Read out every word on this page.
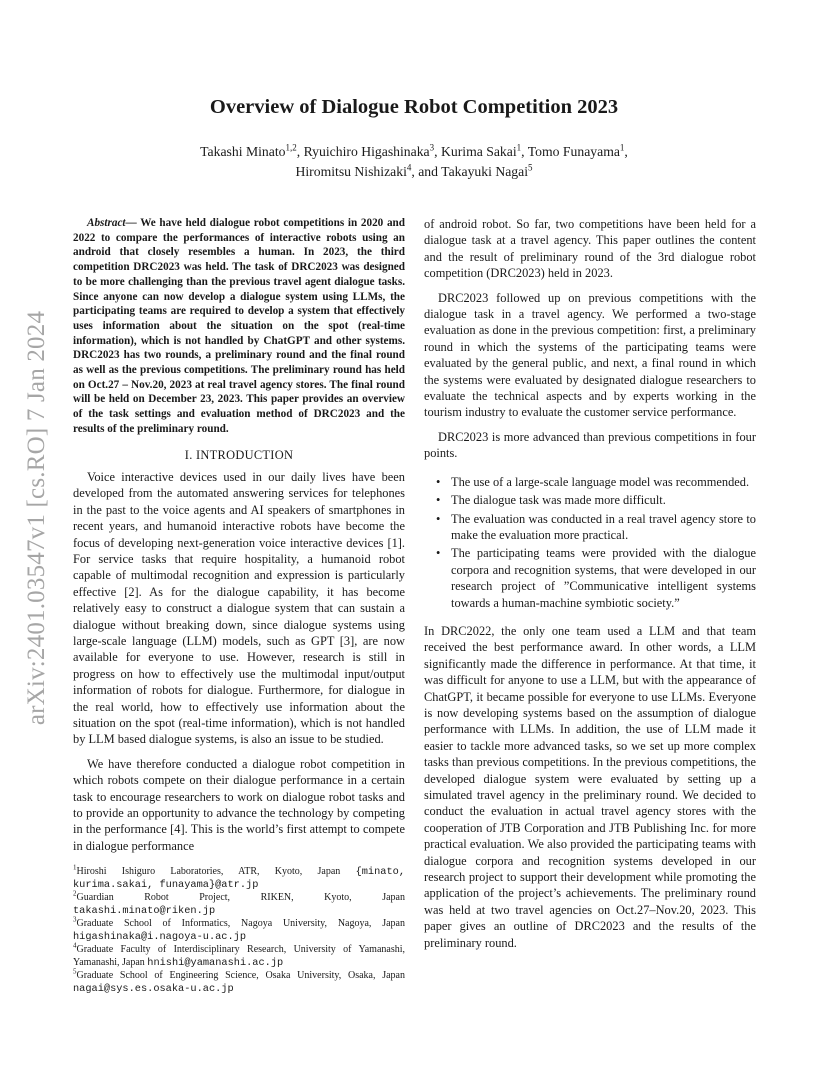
arXiv:2401.03547v1 [cs.RO] 7 Jan 2024
Overview of Dialogue Robot Competition 2023
Takashi Minato$^{1,2}$, Ryuichiro Higashinaka$^3$, Kurima Sakai$^1$, Tomo Funayama$^1$,
Hiromitsu Nishizaki$^4$, and Takayuki Nagai$^5$

Abstract— We have held dialogue robot competitions in 2020 and 2022 to compare the performances of interactive robots using an android that closely resembles a human. In 2023, the third competition DRC2023 was held. The task of DRC2023 was designed to be more challenging than the previous travel agent dialogue tasks. Since anyone can now develop a dialogue system using LLMs, the participating teams are required to develop a system that effectively uses information about the situation on the spot (real-time information), which is not handled by ChatGPT and other systems. DRC2023 has two rounds, a preliminary round and the final round as well as the previous competitions. The preliminary round has held on Oct.27 – Nov.20, 2023 at real travel agency stores. The final round will be held on December 23, 2023. This paper provides an overview of the task settings and evaluation method of DRC2023 and the results of the preliminary round.

I. INTRODUCTION

Voice interactive devices used in our daily lives have been developed from the automated answering services for telephones in the past to the voice agents and AI speakers of smartphones in recent years, and humanoid interactive robots have become the focus of developing next-generation voice interactive devices [1]. For service tasks that require hospitality, a humanoid robot capable of multimodal recognition and expression is particularly effective [2]. As for the dialogue capability, it has become relatively easy to construct a dialogue system that can sustain a dialogue without breaking down, since dialogue systems using large-scale language (LLM) models, such as GPT [3], are now available for everyone to use. However, research is still in progress on how to effectively use the multimodal input/output information of robots for dialogue. Furthermore, for dialogue in the real world, how to effectively use information about the situation on the spot (real-time information), which is not handled by LLM based dialogue systems, is also an issue to be studied.

We have therefore conducted a dialogue robot competition in which robots compete on their dialogue performance in a certain task to encourage researchers to work on dialogue robot tasks and to provide an opportunity to advance the technology by competing in the performance [4]. This is the world’s first attempt to compete in dialogue performance

$^1$Hiroshi Ishiguro Laboratories, ATR, Kyoto, Japan {minato, kurima.sakai, funayama}@atr.jp
$^2$Guardian Robot Project, RIKEN, Kyoto, Japan takashi.minato@riken.jp
$^3$Graduate School of Informatics, Nagoya University, Nagoya, Japan higashinaka@i.nagoya-u.ac.jp
$^4$Graduate Faculty of Interdisciplinary Research, University of Yamanashi, Yamanashi, Japan hnishi@yamanashi.ac.jp
$^5$Graduate School of Engineering Science, Osaka University, Osaka, Japan nagai@sys.es.osaka-u.ac.jp

of android robot. So far, two competitions have been held for a dialogue task at a travel agency. This paper outlines the content and the result of preliminary round of the 3rd dialogue robot competition (DRC2023) held in 2023.

DRC2023 followed up on previous competitions with the dialogue task in a travel agency. We performed a two-stage evaluation as done in the previous competition: first, a preliminary round in which the systems of the participating teams were evaluated by the general public, and next, a final round in which the systems were evaluated by designated dialogue researchers to evaluate the technical aspects and by experts working in the tourism industry to evaluate the customer service performance.

DRC2023 is more advanced than previous competitions in four points.

• The use of a large-scale language model was recommended.
• The dialogue task was made more difficult.
• The evaluation was conducted in a real travel agency store to make the evaluation more practical.
• The participating teams were provided with the dialogue corpora and recognition systems, that were developed in our research project of ”Communicative intelligent systems towards a human-machine symbiotic society.”

In DRC2022, the only one team used a LLM and that team received the best performance award. In other words, a LLM significantly made the difference in performance. At that time, it was difficult for anyone to use a LLM, but with the appearance of ChatGPT, it became possible for everyone to use LLMs. Everyone is now developing systems based on the assumption of dialogue performance with LLMs. In addition, the use of LLM made it easier to tackle more advanced tasks, so we set up more complex tasks than previous competitions. In the previous competitions, the developed dialogue system were evaluated by setting up a simulated travel agency in the preliminary round. We decided to conduct the evaluation in actual travel agency stores with the cooperation of JTB Corporation and JTB Publishing Inc. for more practical evaluation. We also provided the participating teams with dialogue corpora and recognition systems developed in our research project to support their development while promoting the application of the project’s achievements. The preliminary round was held at two travel agencies on Oct.27–Nov.20, 2023. This paper gives an outline of DRC2023 and the results of the preliminary round.
